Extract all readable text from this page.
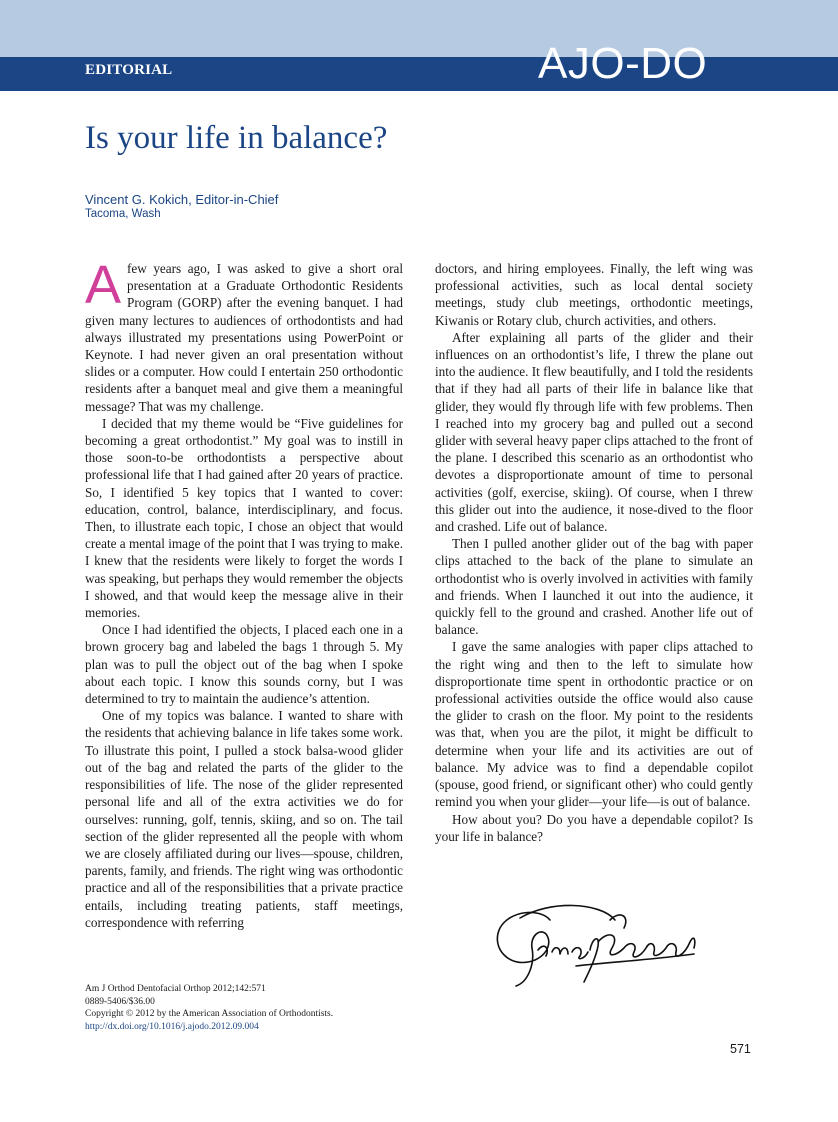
EDITORIAL	AJO-DO
Is your life in balance?
Vincent G. Kokich, Editor-in-Chief
Tacoma, Wash

Afew years ago, I was asked to give a short oral presentation at a Graduate Orthodontic Residents Program (GORP) after the evening banquet. I had given many lectures to audiences of orthodontists and had always illustrated my presentations using PowerPoint or Keynote. I had never given an oral presentation without slides or a computer. How could I entertain 250 orthodontic residents after a banquet meal and give them a meaningful message? That was my challenge.

I decided that my theme would be “Five guidelines for becoming a great orthodontist.” My goal was to instill in those soon-to-be orthodontists a perspective about professional life that I had gained after 20 years of practice. So, I identified 5 key topics that I wanted to cover: education, control, balance, interdisciplinary, and focus. Then, to illustrate each topic, I chose an object that would create a mental image of the point that I was trying to make. I knew that the residents were likely to forget the words I was speaking, but perhaps they would remember the objects I showed, and that would keep the message alive in their memories.

Once I had identified the objects, I placed each one in a brown grocery bag and labeled the bags 1 through 5. My plan was to pull the object out of the bag when I spoke about each topic. I know this sounds corny, but I was determined to try to maintain the audience’s attention.

One of my topics was balance. I wanted to share with the residents that achieving balance in life takes some work. To illustrate this point, I pulled a stock balsa-wood glider out of the bag and related the parts of the glider to the responsibilities of life. The nose of the glider represented personal life and all of the extra activities we do for ourselves: running, golf, tennis, skiing, and so on. The tail section of the glider represented all the people with whom we are closely affiliated during our lives—spouse, children, parents, family, and friends. The right wing was orthodontic practice and all of the responsibilities that a private practice entails, including treating patients, staff meetings, correspondence with referring

doctors, and hiring employees. Finally, the left wing was professional activities, such as local dental society meetings, study club meetings, orthodontic meetings, Kiwanis or Rotary club, church activities, and others.

After explaining all parts of the glider and their influences on an orthodontist’s life, I threw the plane out into the audience. It flew beautifully, and I told the residents that if they had all parts of their life in balance like that glider, they would fly through life with few problems. Then I reached into my grocery bag and pulled out a second glider with several heavy paper clips attached to the front of the plane. I described this scenario as an orthodontist who devotes a disproportionate amount of time to personal activities (golf, exercise, skiing). Of course, when I threw this glider out into the audience, it nose-dived to the floor and crashed. Life out of balance.

Then I pulled another glider out of the bag with paper clips attached to the back of the plane to simulate an orthodontist who is overly involved in activities with family and friends. When I launched it out into the audience, it quickly fell to the ground and crashed. Another life out of balance.

I gave the same analogies with paper clips attached to the right wing and then to the left to simulate how disproportionate time spent in orthodontic practice or on professional activities outside the office would also cause the glider to crash on the floor. My point to the residents was that, when you are the pilot, it might be difficult to determine when your life and its activities are out of balance. My advice was to find a dependable copilot (spouse, good friend, or significant other) who could gently remind you when your glider—your life—is out of balance.

How about you? Do you have a dependable copilot? Is your life in balance?

Am J Orthod Dentofacial Orthop 2012;142:571
0889-5406/$36.00
Copyright © 2012 by the American Association of Orthodontists.
http://dx.doi.org/10.1016/j.ajodo.2012.09.004
571
